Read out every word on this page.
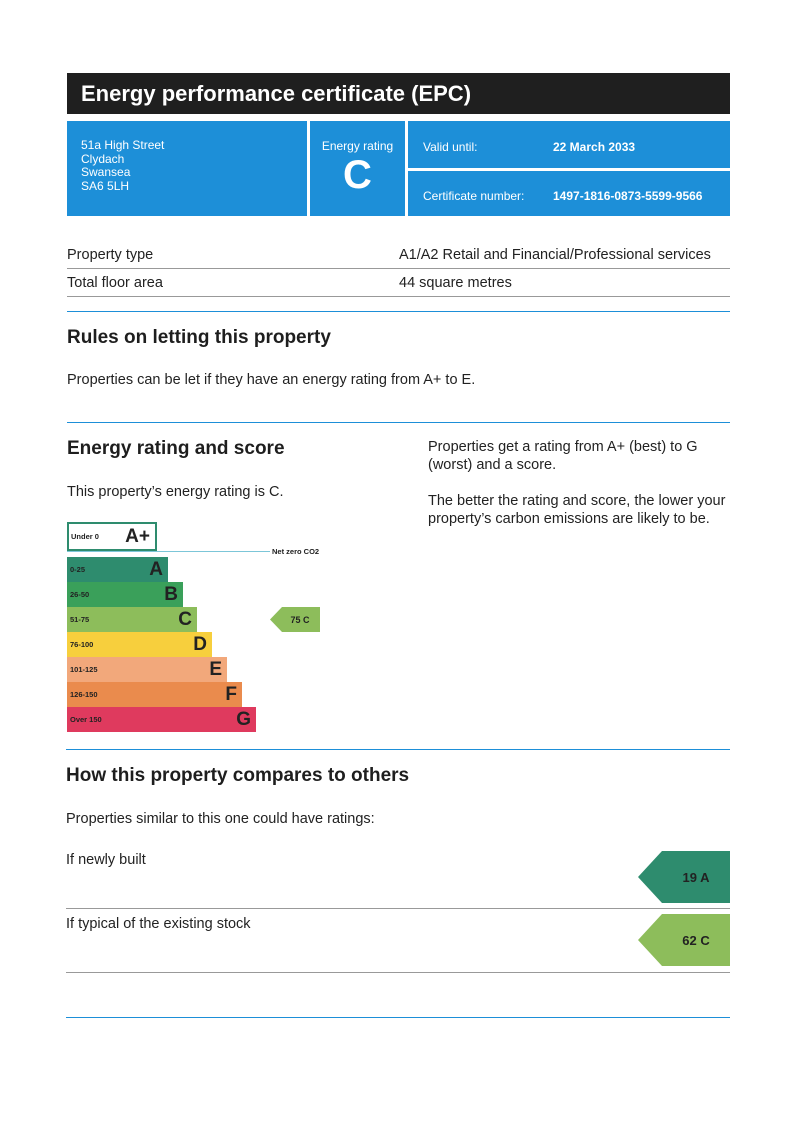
Energy performance certificate (EPC)
51a High Street
Clydach
Swansea
SA6 5LH
Energy rating
C
Valid until:	22 March 2033
Certificate number: 1497-1816-0873-5599-9566
Property type	A1/A2 Retail and Financial/Professional services
Total floor area	44 square metres
Rules on letting this property
Properties can be let if they have an energy rating from A+ to E.
Energy rating and score
This property’s energy rating is C.
Properties get a rating from A+ (best) to G (worst) and a score.
The better the rating and score, the lower your property’s carbon emissions are likely to be.
Under 0 A+
Net zero CO2
0-25	A
26-50	B
51-75	C
76-100	D
101-125	E
126-150	F
Over 150	G
75 C
How this property compares to others
Properties similar to this one could have ratings:
If newly built
19 A
If typical of the existing stock
62 C
